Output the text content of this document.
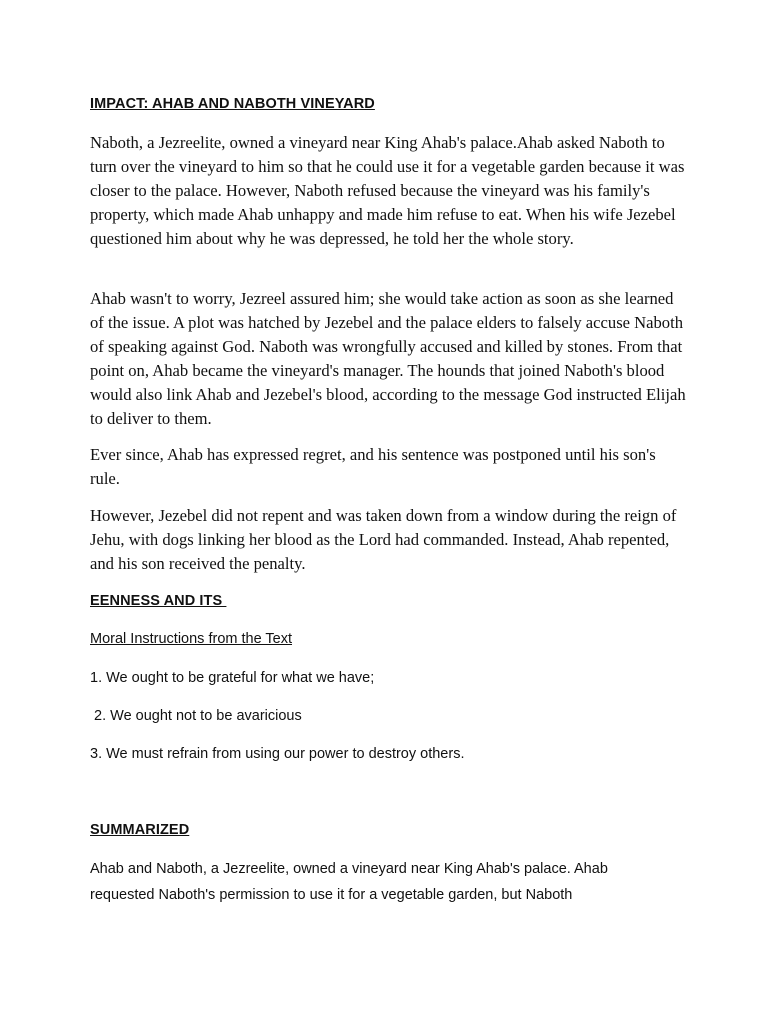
IMPACT: AHAB AND NABOTH VINEYARD

Naboth, a Jezreelite, owned a vineyard near King Ahab's palace.Ahab asked Naboth to turn over the vineyard to him so that he could use it for a vegetable garden because it was closer to the palace. However, Naboth refused because the vineyard was his family's property, which made Ahab unhappy and made him refuse to eat. When his wife Jezebel questioned him about why he was depressed, he told her the whole story.

Ahab wasn't to worry, Jezreel assured him; she would take action as soon as she learned of the issue. A plot was hatched by Jezebel and the palace elders to falsely accuse Naboth of speaking against God. Naboth was wrongfully accused and killed by stones. From that point on, Ahab became the vineyard's manager. The hounds that joined Naboth's blood would also link Ahab and Jezebel's blood, according to the message God instructed Elijah to deliver to them.

Ever since, Ahab has expressed regret, and his sentence was postponed until his son's rule.

However, Jezebel did not repent and was taken down from a window during the reign of Jehu, with dogs linking her blood as the Lord had commanded. Instead, Ahab repented, and his son received the penalty.

EENNESS AND ITS

Moral Instructions from the Text

1. We ought to be grateful for what we have;

2. We ought not to be avaricious

3. We must refrain from using our power to destroy others.

SUMMARIZED

Ahab and Naboth, a Jezreelite, owned a vineyard near King Ahab's palace. Ahab requested Naboth's permission to use it for a vegetable garden, but Naboth
